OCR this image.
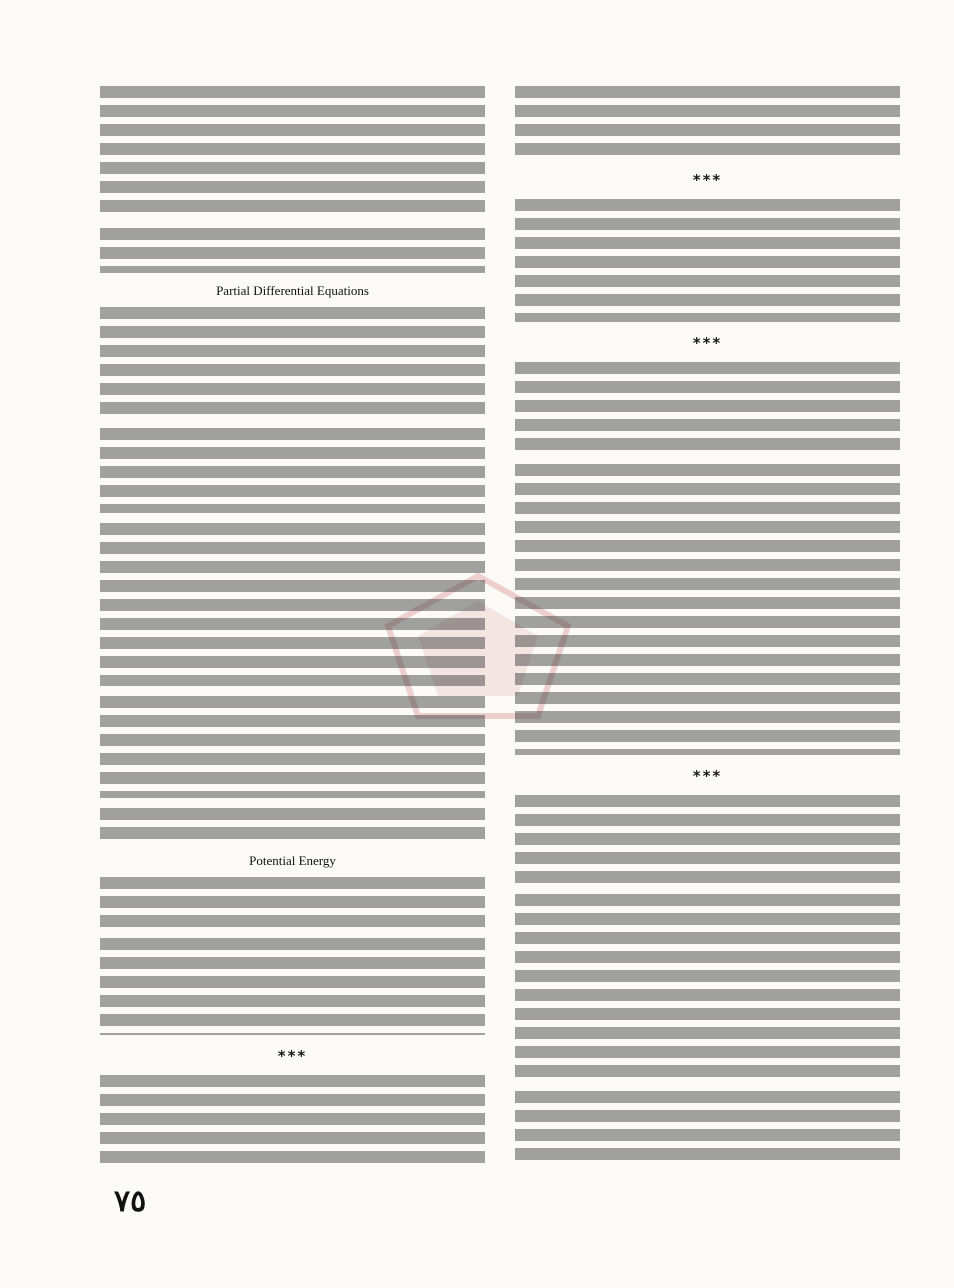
***
***
***
Partial Differential Equations
Potential Energy
***
٧٥
